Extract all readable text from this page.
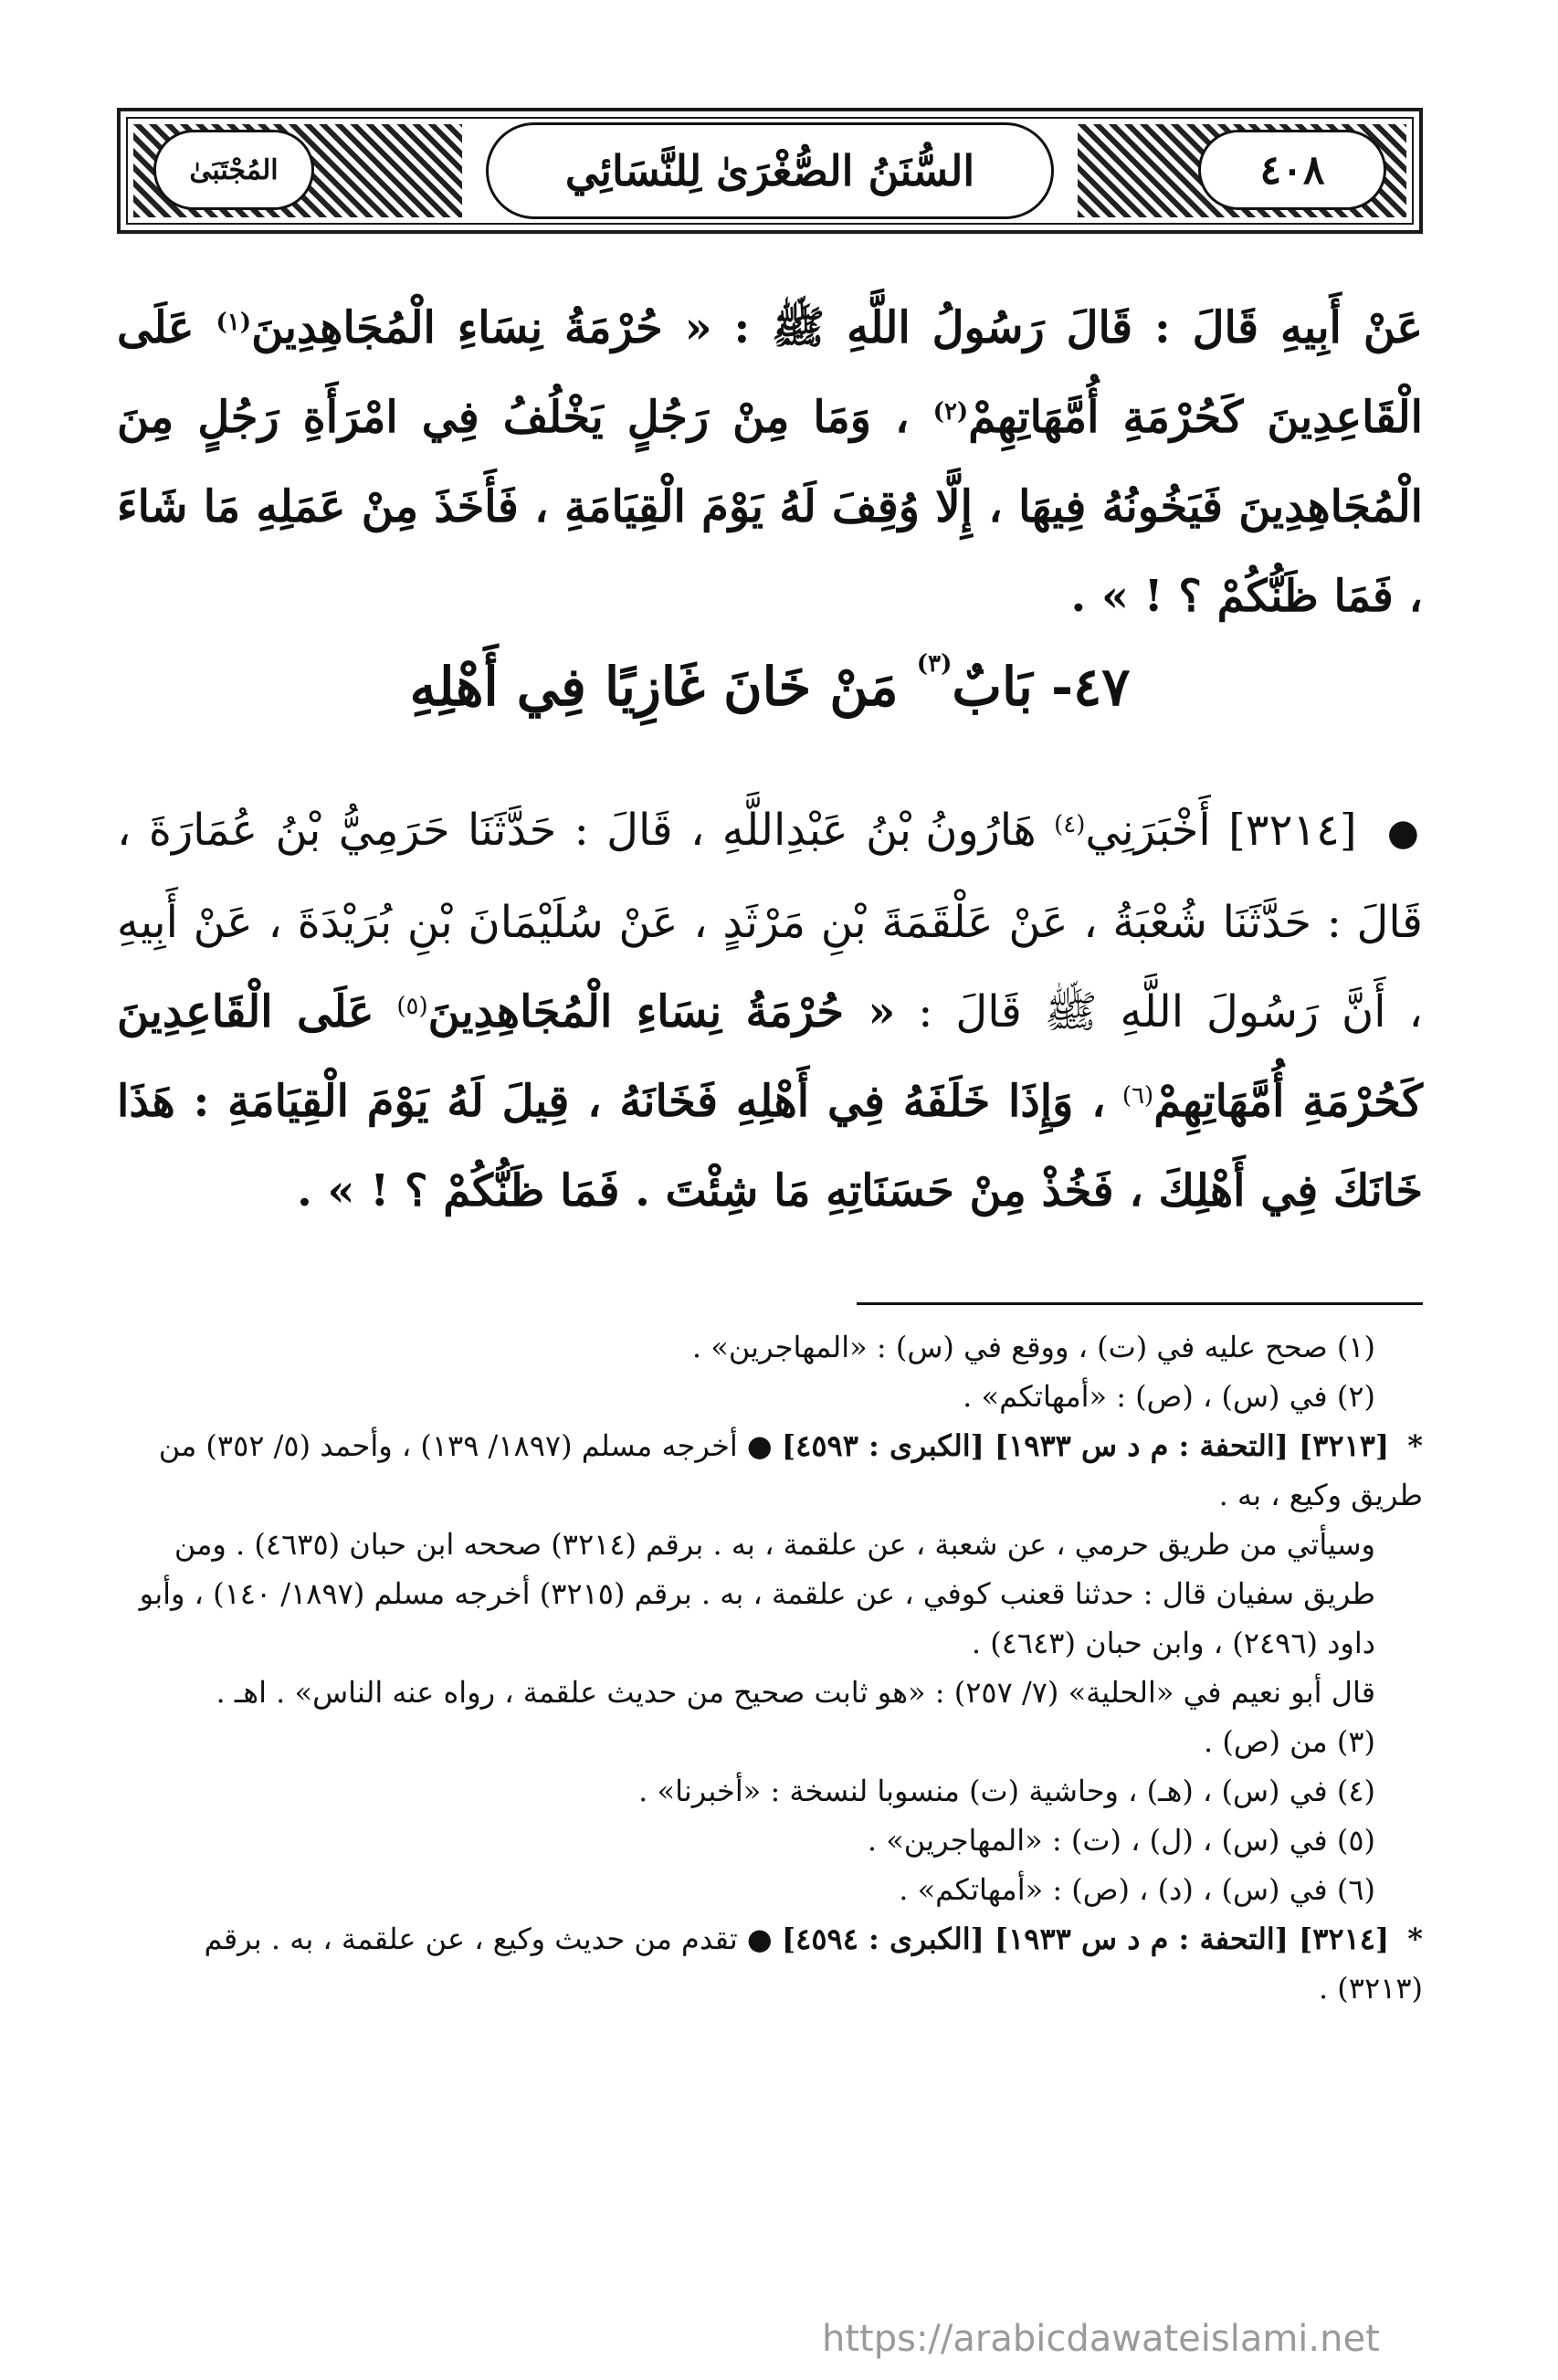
٤٠٨
المُجْتَبَىٰ	السُّنَنُ الصُّغْرَىٰ لِلنَّسَائِي
عَنْ أَبِيهِ قَالَ : قَالَ رَسُولُ اللَّهِ ﷺ : « حُرْمَةُ نِسَاءِ الْمُجَاهِدِينَ$^{(١)}$ عَلَى الْقَاعِدِينَ كَحُرْمَةِ أُمَّهَاتِهِمْ$^{(٢)}$ ، وَمَا مِنْ رَجُلٍ يَخْلُفُ فِي امْرَأَةِ رَجُلٍ مِنَ الْمُجَاهِدِينَ فَيَخُونُهُ فِيهَا ، إِلَّا وُقِفَ لَهُ يَوْمَ الْقِيَامَةِ ، فَأَخَذَ مِنْ عَمَلِهِ مَا شَاءَ ، فَمَا ظَنُّكُمْ ؟ ! » .
٤٧- بَابٌ$^{(٣)}$ مَنْ خَانَ غَازِيًا فِي أَهْلِهِ
● [٣٢١٤] أَخْبَرَنِي$^{(٤)}$ هَارُونُ بْنُ عَبْدِاللَّهِ ، قَالَ : حَدَّثَنَا حَرَمِيُّ بْنُ عُمَارَةَ ، قَالَ : حَدَّثَنَا شُعْبَةُ ، عَنْ عَلْقَمَةَ بْنِ مَرْثَدٍ ، عَنْ سُلَيْمَانَ بْنِ بُرَيْدَةَ ، عَنْ أَبِيهِ ، أَنَّ رَسُولَ اللَّهِ ﷺ قَالَ : « حُرْمَةُ نِسَاءِ الْمُجَاهِدِينَ$^{(٥)}$ عَلَى الْقَاعِدِينَ كَحُرْمَةِ أُمَّهَاتِهِمْ$^{(٦)}$ ، وَإِذَا خَلَفَهُ فِي أَهْلِهِ فَخَانَهُ ، قِيلَ لَهُ يَوْمَ الْقِيَامَةِ : هَذَا خَانَكَ فِي أَهْلِكَ ، فَخُذْ مِنْ حَسَنَاتِهِ مَا شِئْتَ . فَمَا ظَنُّكُمْ ؟ ! » .

(١) صحح عليه في (ت) ، ووقع في (س) : «المهاجرين» .

(٢) في (س) ، (ص) : «أمهاتكم» .

* [٣٢١٣] [التحفة : م د س ١٩٣٣] [الكبرى : ٤٥٩٣] ● أخرجه مسلم (١٨٩٧/ ١٣٩) ، وأحمد (٥/ ٣٥٢) من طريق وكيع ، به .

وسيأتي من طريق حرمي ، عن شعبة ، عن علقمة ، به . برقم (٣٢١٤) صححه ابن حبان (٤٦٣٥) . ومن طريق سفيان قال : حدثنا قعنب كوفي ، عن علقمة ، به . برقم (٣٢١٥) أخرجه مسلم (١٨٩٧/ ١٤٠) ، وأبو داود (٢٤٩٦) ، وابن حبان (٤٦٤٣) .

قال أبو نعيم في «الحلية» (٧/ ٢٥٧) : «هو ثابت صحيح من حديث علقمة ، رواه عنه الناس» . اهـ .

(٣) من (ص) .

(٤) في (س) ، (هـ) ، وحاشية (ت) منسوبا لنسخة : «أخبرنا» .

(٥) في (س) ، (ل) ، (ت) : «المهاجرين» .

(٦) في (س) ، (د) ، (ص) : «أمهاتكم» .

* [٣٢١٤] [التحفة : م د س ١٩٣٣] [الكبرى : ٤٥٩٤] ● تقدم من حديث وكيع ، عن علقمة ، به . برقم (٣٢١٣) .

https://arabicdawateislami.net
